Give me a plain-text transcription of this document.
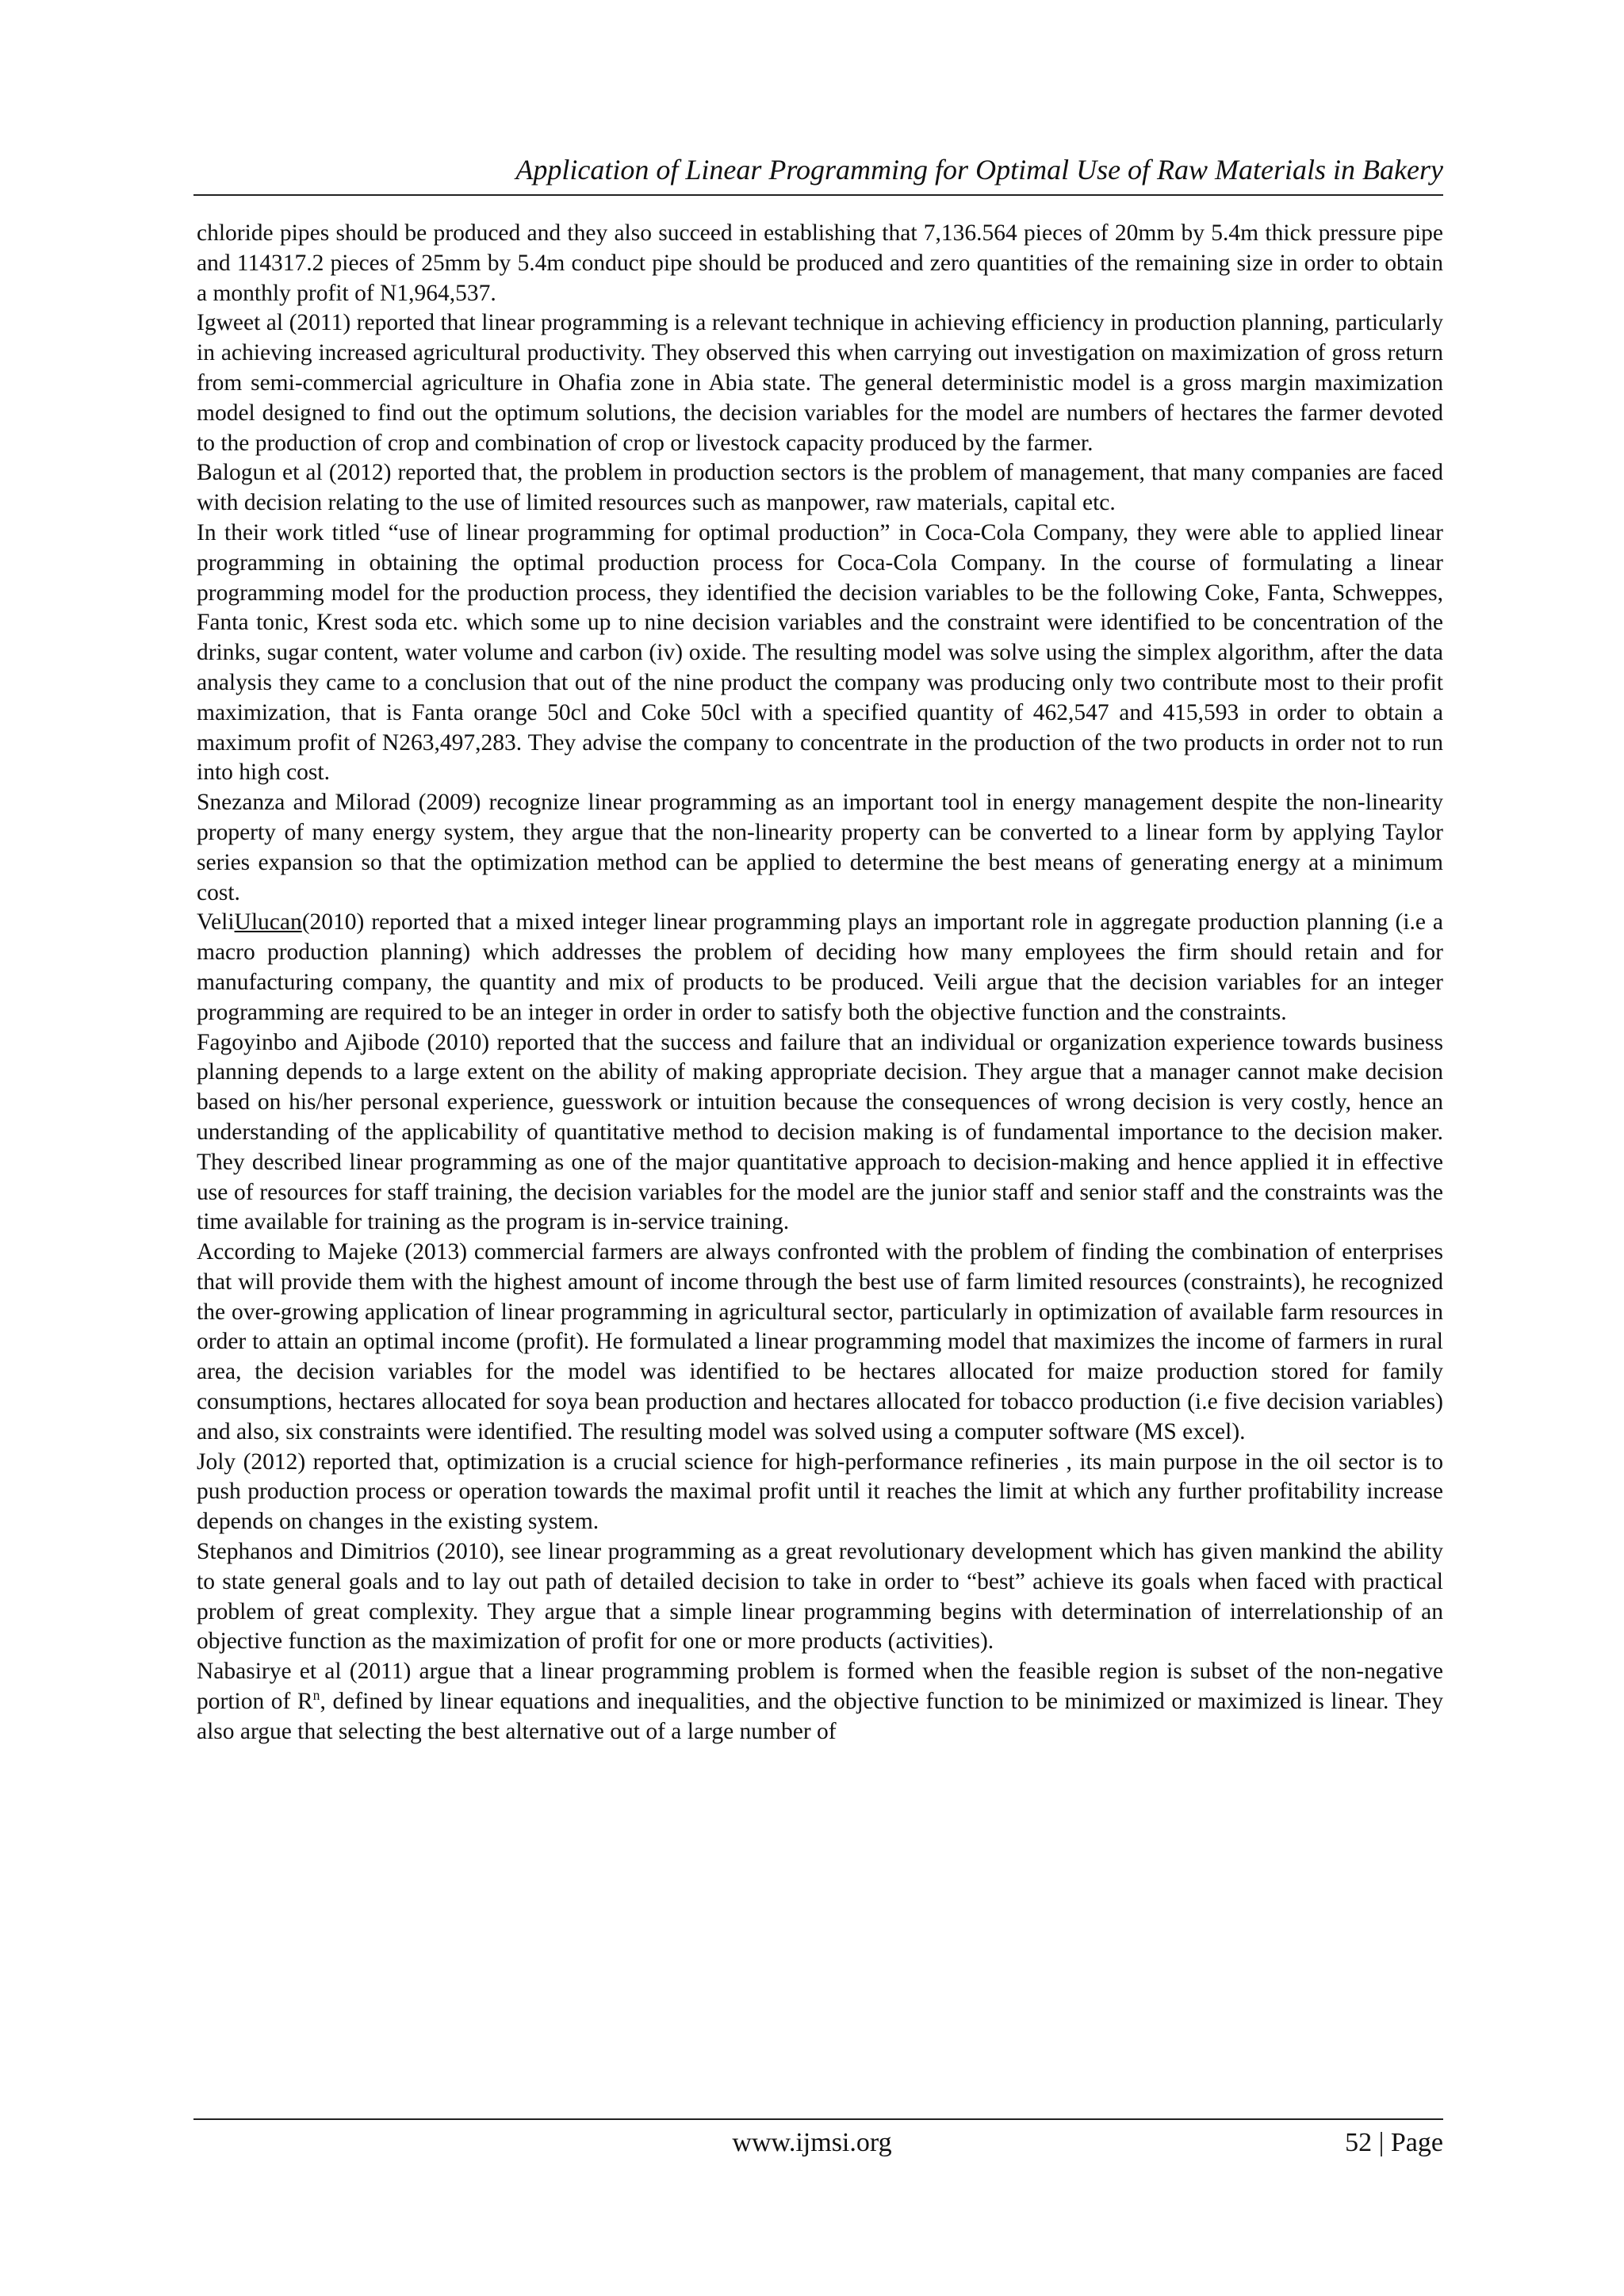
Application of Linear Programming for Optimal Use of Raw Materials in Bakery

chloride pipes should be produced and they also succeed in establishing that 7,136.564 pieces of 20mm by 5.4m thick pressure pipe and 114317.2 pieces of 25mm by 5.4m conduct pipe should be produced and zero quantities of the remaining size in order to obtain a monthly profit of N1,964,537.

Igweet al (2011) reported that linear programming is a relevant technique in achieving efficiency in production planning, particularly in achieving increased agricultural productivity. They observed this when carrying out investigation on maximization of gross return from semi-commercial agriculture in Ohafia zone in Abia state. The general deterministic model is a gross margin maximization model designed to find out the optimum solutions, the decision variables for the model are numbers of hectares the farmer devoted to the production of crop and combination of crop or livestock capacity produced by the farmer.

Balogun et al (2012) reported that, the problem in production sectors is the problem of management, that many companies are faced with decision relating to the use of limited resources such as manpower, raw materials, capital etc.

In their work titled “use of linear programming for optimal production” in Coca-Cola Company, they were able to applied linear programming in obtaining the optimal production process for Coca-Cola Company. In the course of formulating a linear programming model for the production process, they identified the decision variables to be the following Coke, Fanta, Schweppes, Fanta tonic, Krest soda etc. which some up to nine decision variables and the constraint were identified to be concentration of the drinks, sugar content, water volume and carbon (iv) oxide. The resulting model was solve using the simplex algorithm, after the data analysis they came to a conclusion that out of the nine product the company was producing only two contribute most to their profit maximization, that is Fanta orange 50cl and Coke 50cl with a specified quantity of 462,547 and 415,593 in order to obtain a maximum profit of N263,497,283. They advise the company to concentrate in the production of the two products in order not to run into high cost.

Snezanza and Milorad (2009) recognize linear programming as an important tool in energy management despite the non-linearity property of many energy system, they argue that the non-linearity property can be converted to a linear form by applying Taylor series expansion so that the optimization method can be applied to determine the best means of generating energy at a minimum cost.

VeliUlucan(2010) reported that a mixed integer linear programming plays an important role in aggregate production planning (i.e a macro production planning) which addresses the problem of deciding how many employees the firm should retain and for manufacturing company, the quantity and mix of products to be produced. Veili argue that the decision variables for an integer programming are required to be an integer in order in order to satisfy both the objective function and the constraints.

Fagoyinbo and Ajibode (2010) reported that the success and failure that an individual or organization experience towards business planning depends to a large extent on the ability of making appropriate decision. They argue that a manager cannot make decision based on his/her personal experience, guesswork or intuition because the consequences of wrong decision is very costly, hence an understanding of the applicability of quantitative method to decision making is of fundamental importance to the decision maker. They described linear programming as one of the major quantitative approach to decision-making and hence applied it in effective use of resources for staff training, the decision variables for the model are the junior staff and senior staff and the constraints was the time available for training as the program is in-service training.

According to Majeke (2013) commercial farmers are always confronted with the problem of finding the combination of enterprises that will provide them with the highest amount of income through the best use of farm limited resources (constraints), he recognized the over-growing application of linear programming in agricultural sector, particularly in optimization of available farm resources in order to attain an optimal income (profit). He formulated a linear programming model that maximizes the income of farmers in rural area, the decision variables for the model was identified to be hectares allocated for maize production stored for family consumptions, hectares allocated for soya bean production and hectares allocated for tobacco production (i.e five decision variables) and also, six constraints were identified. The resulting model was solved using a computer software (MS excel).

Joly (2012) reported that, optimization is a crucial science for high-performance refineries , its main purpose in the oil sector is to push production process or operation towards the maximal profit until it reaches the limit at which any further profitability increase depends on changes in the existing system.

Stephanos and Dimitrios (2010), see linear programming as a great revolutionary development which has given mankind the ability to state general goals and to lay out path of detailed decision to take in order to “best” achieve its goals when faced with practical problem of great complexity. They argue that a simple linear programming begins with determination of interrelationship of an objective function as the maximization of profit for one or more products (activities).

Nabasirye et al (2011) argue that a linear programming problem is formed when the feasible region is subset of the non-negative portion of $R^n$, defined by linear equations and inequalities, and the objective function to be minimized or maximized is linear. They also argue that selecting the best alternative out of a large number of

www.ijmsi.org	52 | Page
